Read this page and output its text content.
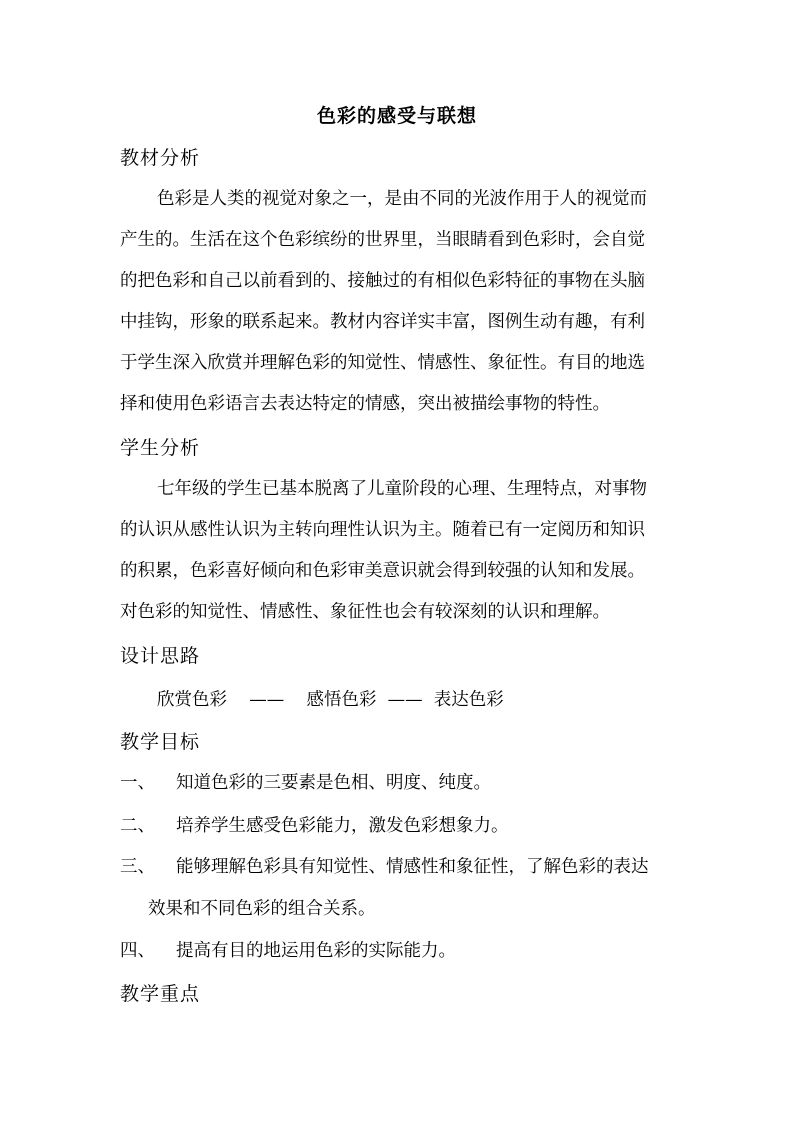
色彩的感受与联想
教材分析
色彩是人类的视觉对象之一，是由不同的光波作用于人的视觉而
产生的。生活在这个色彩缤纷的世界里，当眼睛看到色彩时，会自觉
的把色彩和自己以前看到的、接触过的有相似色彩特征的事物在头脑
中挂钩，形象的联系起来。教材内容详实丰富，图例生动有趣，有利
于学生深入欣赏并理解色彩的知觉性、情感性、象征性。有目的地选
择和使用色彩语言去表达特定的情感，突出被描绘事物的特性。
学生分析
七年级的学生已基本脱离了儿童阶段的心理、生理特点，对事物
的认识从感性认识为主转向理性认识为主。随着已有一定阅历和知识
的积累，色彩喜好倾向和色彩审美意识就会得到较强的认知和发展。
对色彩的知觉性、情感性、象征性也会有较深刻的认识和理解。
设计思路
欣赏色彩    ——    感悟色彩  ——  表达色彩
教学目标
一、 知道色彩的三要素是色相、明度、纯度。
二、 培养学生感受色彩能力，激发色彩想象力。
三、 能够理解色彩具有知觉性、情感性和象征性，了解色彩的表达
效果和不同色彩的组合关系。
四、 提高有目的地运用色彩的实际能力。
教学重点
